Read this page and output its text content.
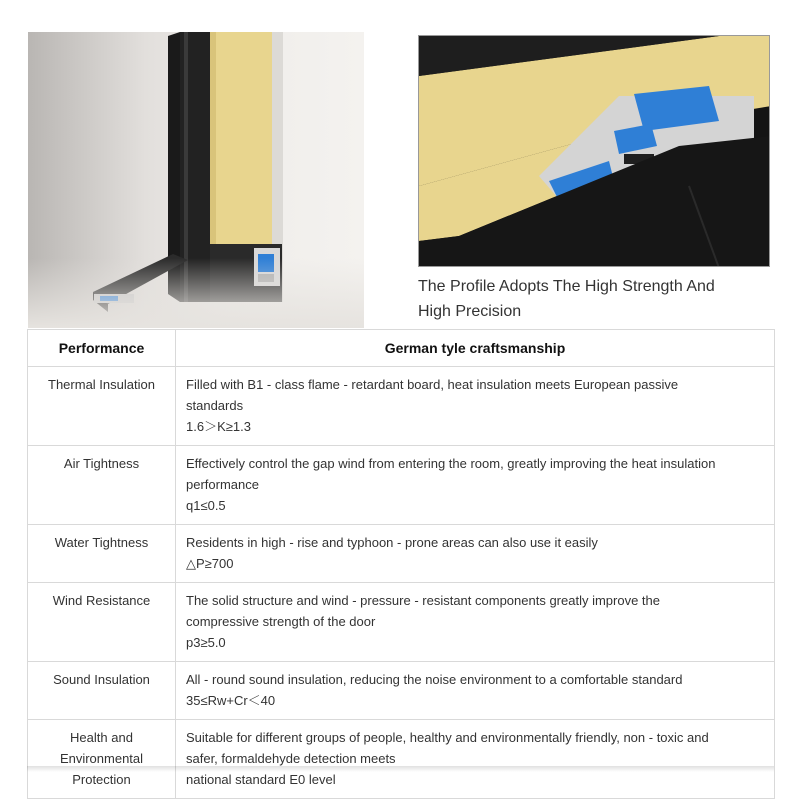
The Profile Adopts The High Strength And
High Precision
Performance	German tyle craftsmanship

Thermal Insulation	Filled with B1 - class flame - retardant board, heat insulation meets European passive
standards
1.6＞K≥1.3

Air Tightness	Effectively control the gap wind from entering the room, greatly improving the heat insulation
performance
q1≤0.5

Water Tightness	Residents in high - rise and typhoon - prone areas can also use it easily
△P≥700

Wind Resistance	The solid structure and wind - pressure - resistant components greatly improve the
compressive strength of the door
p3≥5.0

Sound Insulation	All - round sound insulation, reducing the noise environment to a comfortable standard
35≤Rw+Cr＜40

Health and
Environmental
Protection	Suitable for different groups of people, healthy and environmentally friendly, non - toxic and
safer, formaldehyde detection meets
national standard E0 level
